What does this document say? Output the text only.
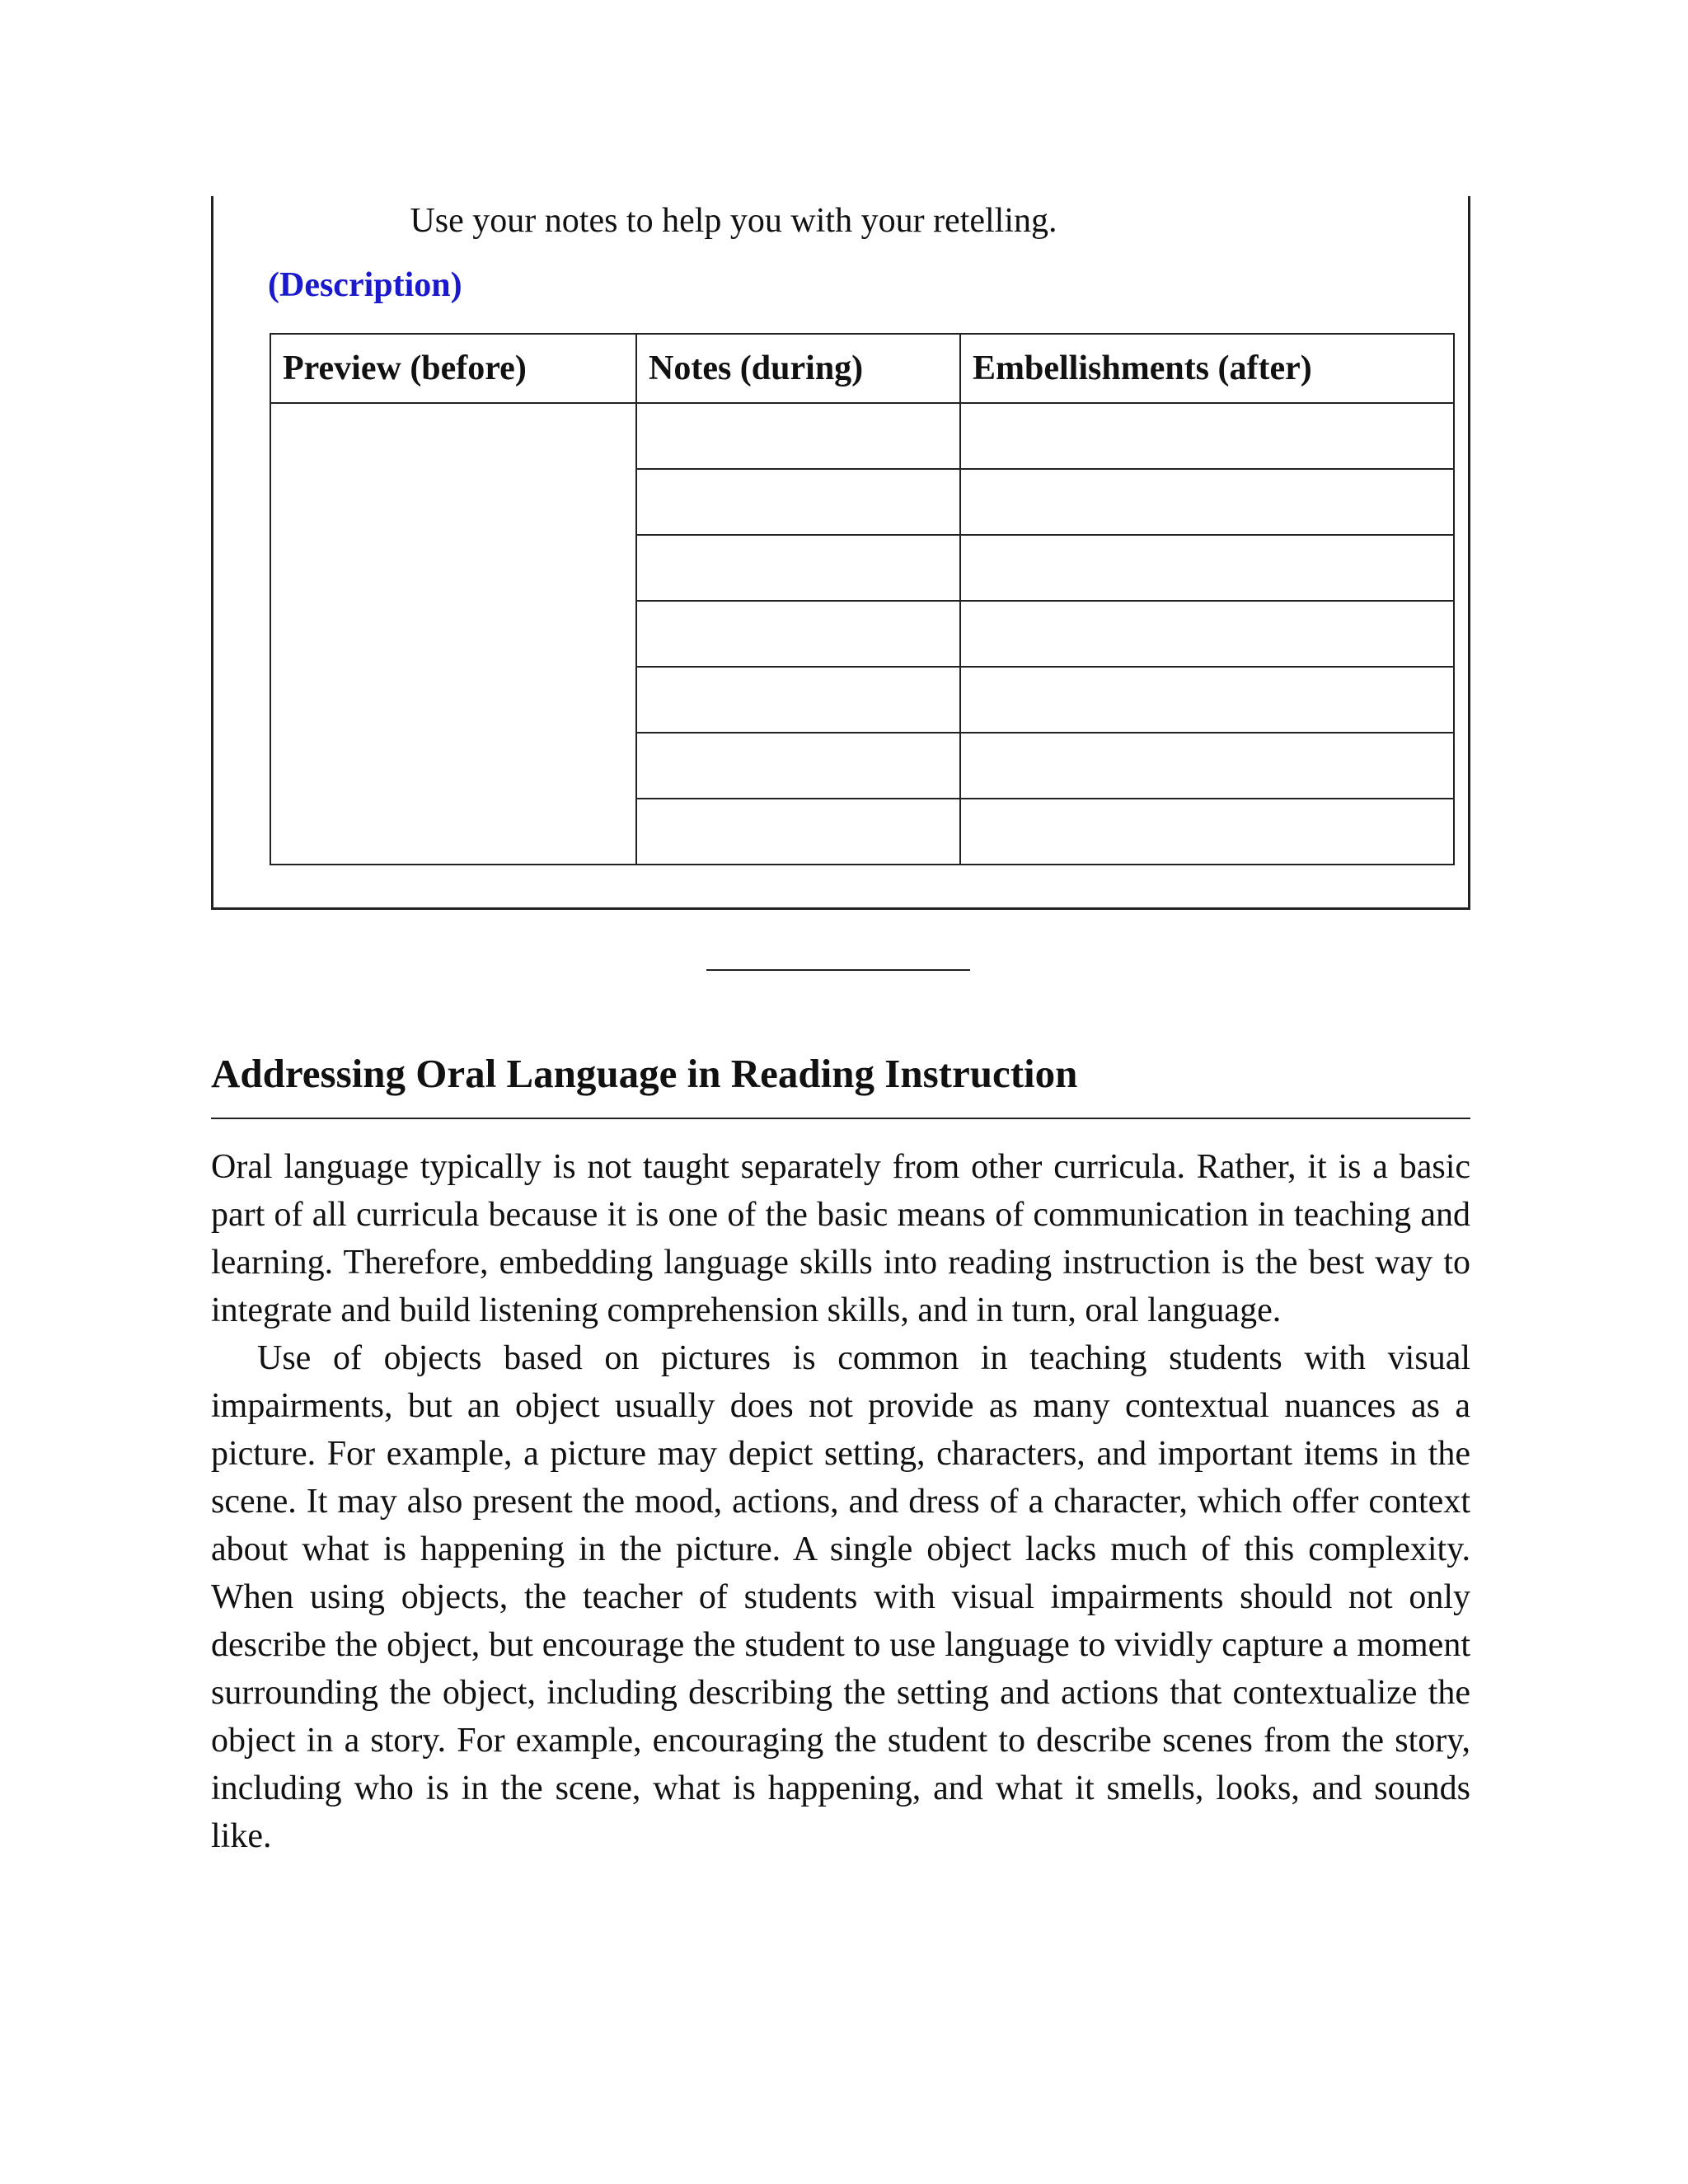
Use your notes to help you with your retelling.
(Description)
Preview (before)	Notes (during)	Embellishments (after)

Addressing Oral Language in Reading Instruction

Oral language typically is not taught separately from other curricula. Rather, it is a basic part of all curricula because it is one of the basic means of communication in teaching and learning. Therefore, embedding language skills into reading instruction is the best way to integrate and build listening comprehension skills, and in turn, oral language.

Use of objects based on pictures is common in teaching students with visual impairments, but an object usually does not provide as many contextual nuances as a picture. For example, a picture may depict setting, characters, and important items in the scene. It may also present the mood, actions, and dress of a character, which offer context about what is happening in the picture. A single object lacks much of this complexity. When using objects, the teacher of students with visual impairments should not only describe the object, but encourage the student to use language to vividly capture a moment surrounding the object, including describing the setting and actions that contextualize the object in a story. For example, encouraging the student to describe scenes from the story, including who is in the scene, what is happening, and what it smells, looks, and sounds like.
